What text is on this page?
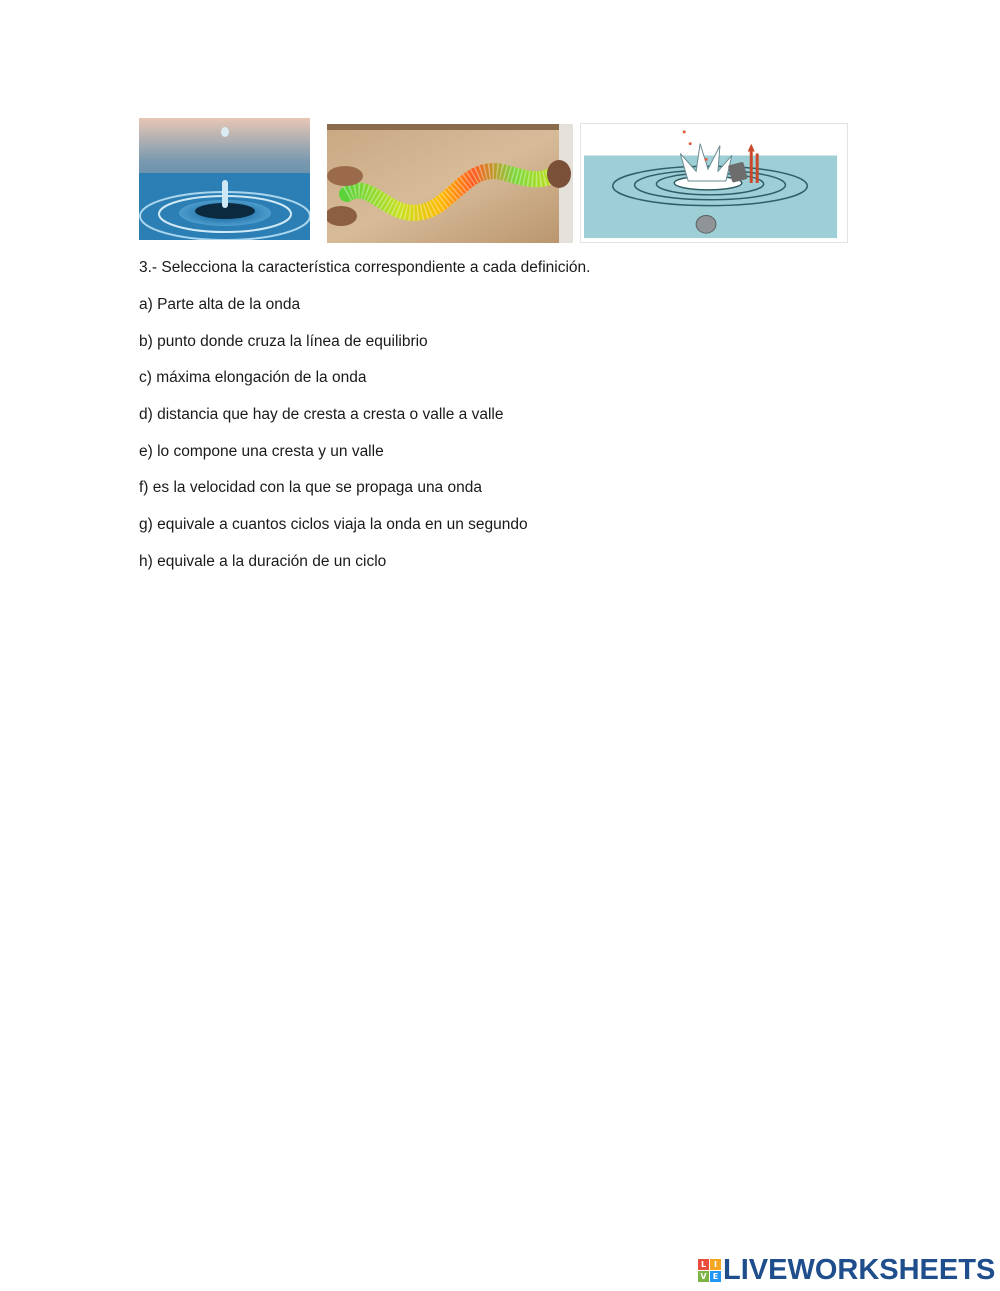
3.- Selecciona la característica correspondiente a cada definición.
a) Parte alta de la onda
b) punto donde cruza la línea de equilibrio
c) máxima elongación de la onda
d) distancia que hay de cresta a cresta o valle a valle
e) lo compone una cresta y un valle
f) es la velocidad con la que se propaga una onda
g) equivale a cuantos ciclos viaja la onda en un segundo
h) equivale a la duración de un ciclo
L I
V E LIVEWORKSHEETS
